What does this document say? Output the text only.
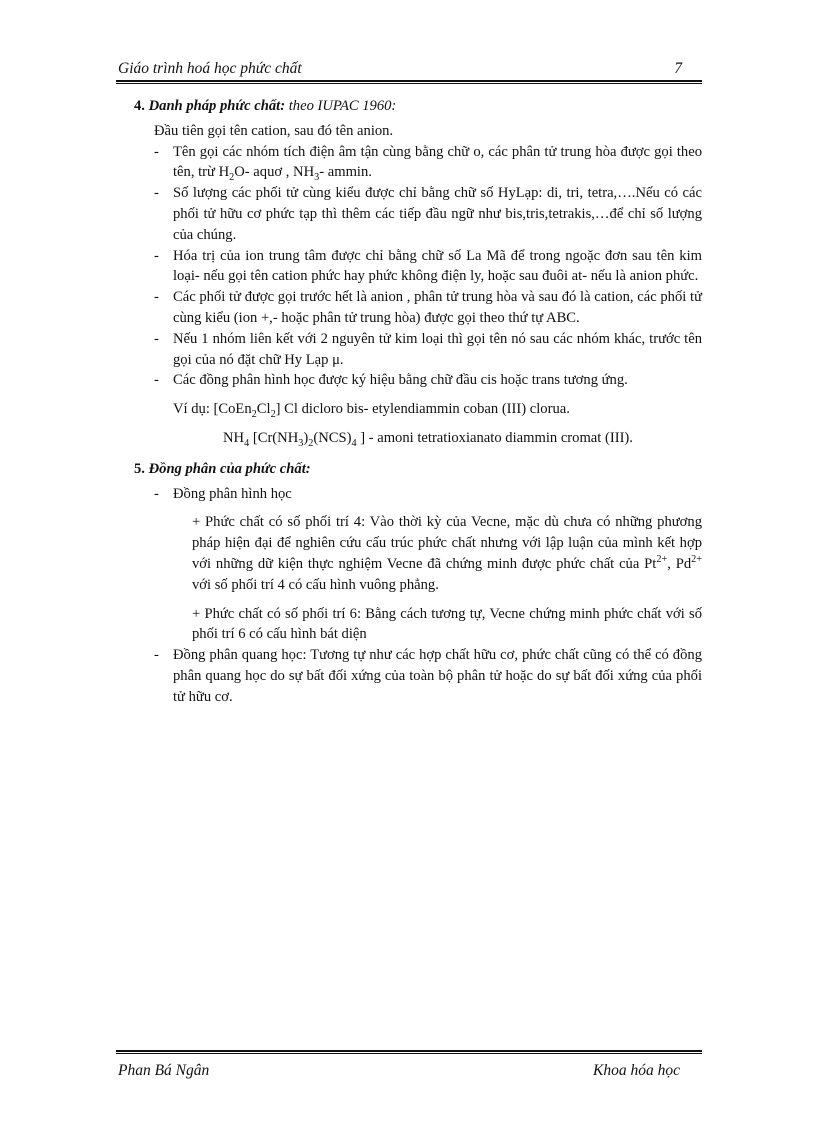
Giáo trình hoá học phức chất	7

4. Danh pháp phức chất: theo IUPAC 1960:

Đầu tiên gọi tên cation, sau đó tên anion.

- Tên gọi các nhóm tích điện âm tận cùng bằng chữ o, các phân tử trung hòa được gọi theo tên, trừ $H_2O-$ aquơ , $NH_3-$ ammin.

- Số lượng các phối tử cùng kiểu được chỉ bằng chữ số HyLạp: di, tri, tetra,….Nếu có các phối tử hữu cơ phức tạp thì thêm các tiếp đầu ngữ như bis,tris,tetrakis,…để chỉ số lượng của chúng.

- Hóa trị của ion trung tâm được chỉ bằng chữ số La Mã để trong ngoặc đơn sau tên kim loại- nếu gọi tên cation phức hay phức không điện ly, hoặc sau đuôi at- nếu là anion phức.

- Các phối tử được gọi trước hết là anion , phân tử trung hòa và sau đó là cation, các phối tử cùng kiểu (ion +,- hoặc phân tử trung hòa) được gọi theo thứ tự ABC.

- Nếu 1 nhóm liên kết với 2 nguyên tử kim loại thì gọi tên nó sau các nhóm khác, trước tên gọi của nó đặt chữ Hy Lạp μ.

- Các đồng phân hình học được ký hiệu bằng chữ đầu cis hoặc trans tương ứng.

Ví dụ: $[CoEn_2Cl_2]$ Cl dicloro bis- etylendiammin coban (III) clorua.

$NH_4$ [$Cr(NH_3)_2(NCS)_4$ ] - amoni tetratioxianato diammin cromat (III).

5. Đồng phân của phức chất:

- Đồng phân hình học

+ Phức chất có số phối trí 4: Vào thời kỳ của Vecne, mặc dù chưa có những phương pháp hiện đại để nghiên cứu cấu trúc phức chất nhưng với lập luận của mình kết hợp với những dữ kiện thực nghiệm Vecne đã chứng minh được phức chất của $Pt^{2+}$, $Pd^{2+}$ với số phối trí 4 có cấu hình vuông phẳng.

+ Phức chất có số phối trí 6: Bằng cách tương tự, Vecne chứng minh phức chất với số phối trí 6 có cấu hình bát diện

- Đồng phân quang học: Tương tự như các hợp chất hữu cơ, phức chất cũng có thể có đồng phân quang học do sự bất đối xứng của toàn bộ phân tử hoặc do sự bất đối xứng của phối tử hữu cơ.

Phan Bá Ngân	Khoa hóa học
